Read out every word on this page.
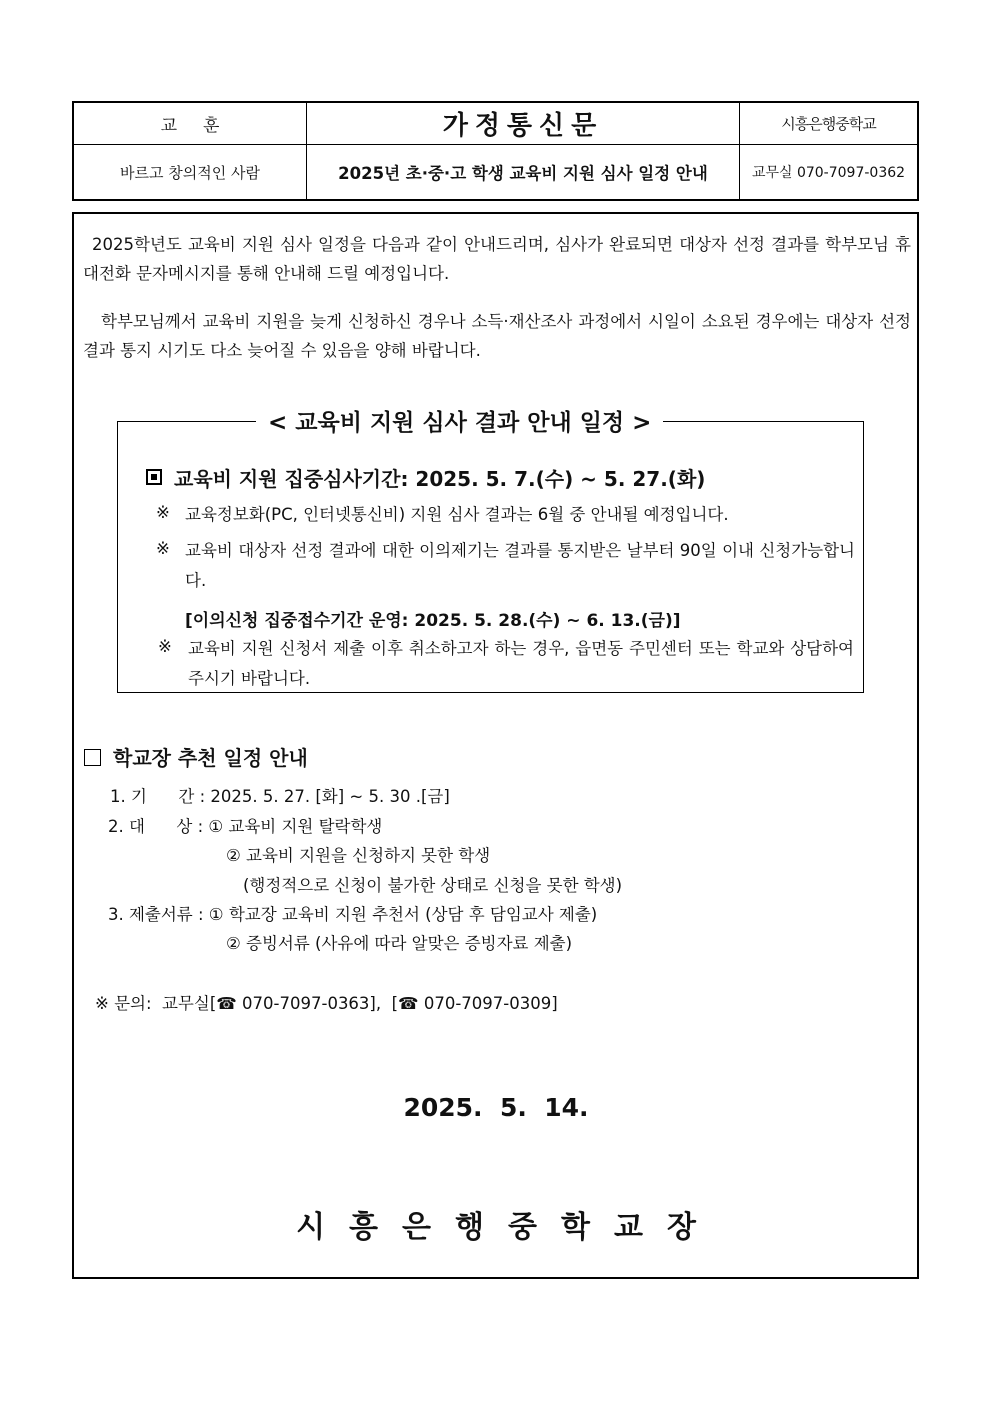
교훈	가정통신문	시흥은행중학교
바르고 창의적인 사람	2025년 초·중·고 학생 교육비 지원 심사 일정 안내	교무실 070-7097-0362

2025학년도 교육비 지원 심사 일정을 다음과 같이 안내드리며, 심사가 완료되면 대상자 선정 결과를 학부모님 휴대전화 문자메시지를 통해 안내해 드릴 예정입니다.

학부모님께서 교육비 지원을 늦게 신청하신 경우나 소득·재산조사 과정에서 시일이 소요된 경우에는 대상자 선정 결과 통지 시기도 다소 늦어질 수 있음을 양해 바랍니다.

< 교육비 지원 심사 결과 안내 일정 >

교육비 지원 집중심사기간: 2025. 5. 7.(수) ~ 5. 27.(화)

※ 교육정보화(PC, 인터넷통신비) 지원 심사 결과는 6월 중 안내될 예정입니다.

※ 교육비 대상자 선정 결과에 대한 이의제기는 결과를 통지받은 날부터 90일 이내 신청가능합니다.

[이의신청 집중접수기간 운영: 2025. 5. 28.(수) ~ 6. 13.(금)]

※ 교육비 지원 신청서 제출 이후 취소하고자 하는 경우, 읍면동 주민센터 또는 학교와 상담하여 주시기 바랍니다.

학교장 추천 일정 안내

1. 기      간 : 2025. 5. 27. [화] ~ 5. 30 .[금]

2. 대      상 : ① 교육비 지원 탈락학생

② 교육비 지원을 신청하지 못한 학생

(행정적으로 신청이 불가한 상태로 신청을 못한 학생)

3. 제출서류 : ① 학교장 교육비 지원 추천서 (상담 후 담임교사 제출)

② 증빙서류 (사유에 따라 알맞은 증빙자료 제출)

※ 문의:  교무실[☎ 070-7097-0363],  [☎ 070-7097-0309]

2025.  5.  14.

시흥은행중학교장
